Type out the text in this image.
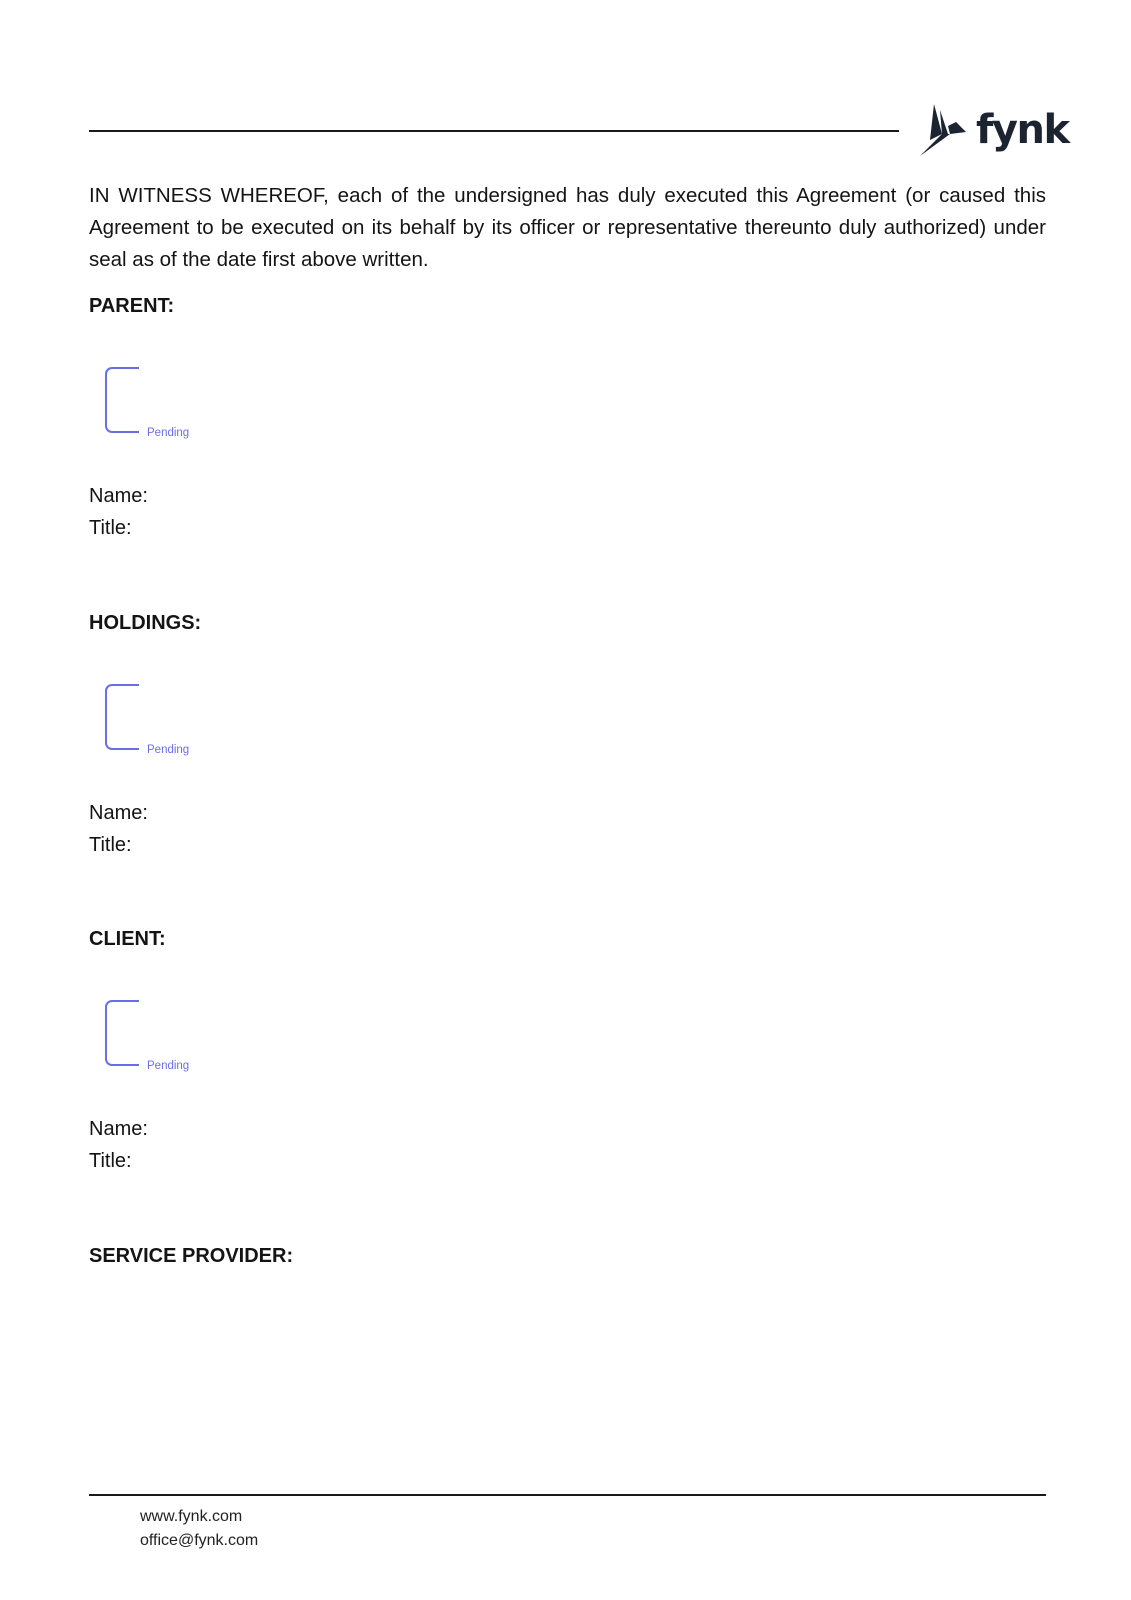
fynk

IN WITNESS WHEREOF, each of the undersigned has duly executed this Agreement (or caused this Agreement to be executed on its behalf by its officer or representative thereunto duly authorized) under seal as of the date first above written.

PARENT:

Pending
Name:
Title:

HOLDINGS:

Pending
Name:
Title:

CLIENT:

Pending
Name:
Title:

SERVICE PROVIDER:

www.fynk.com
office@fynk.com
